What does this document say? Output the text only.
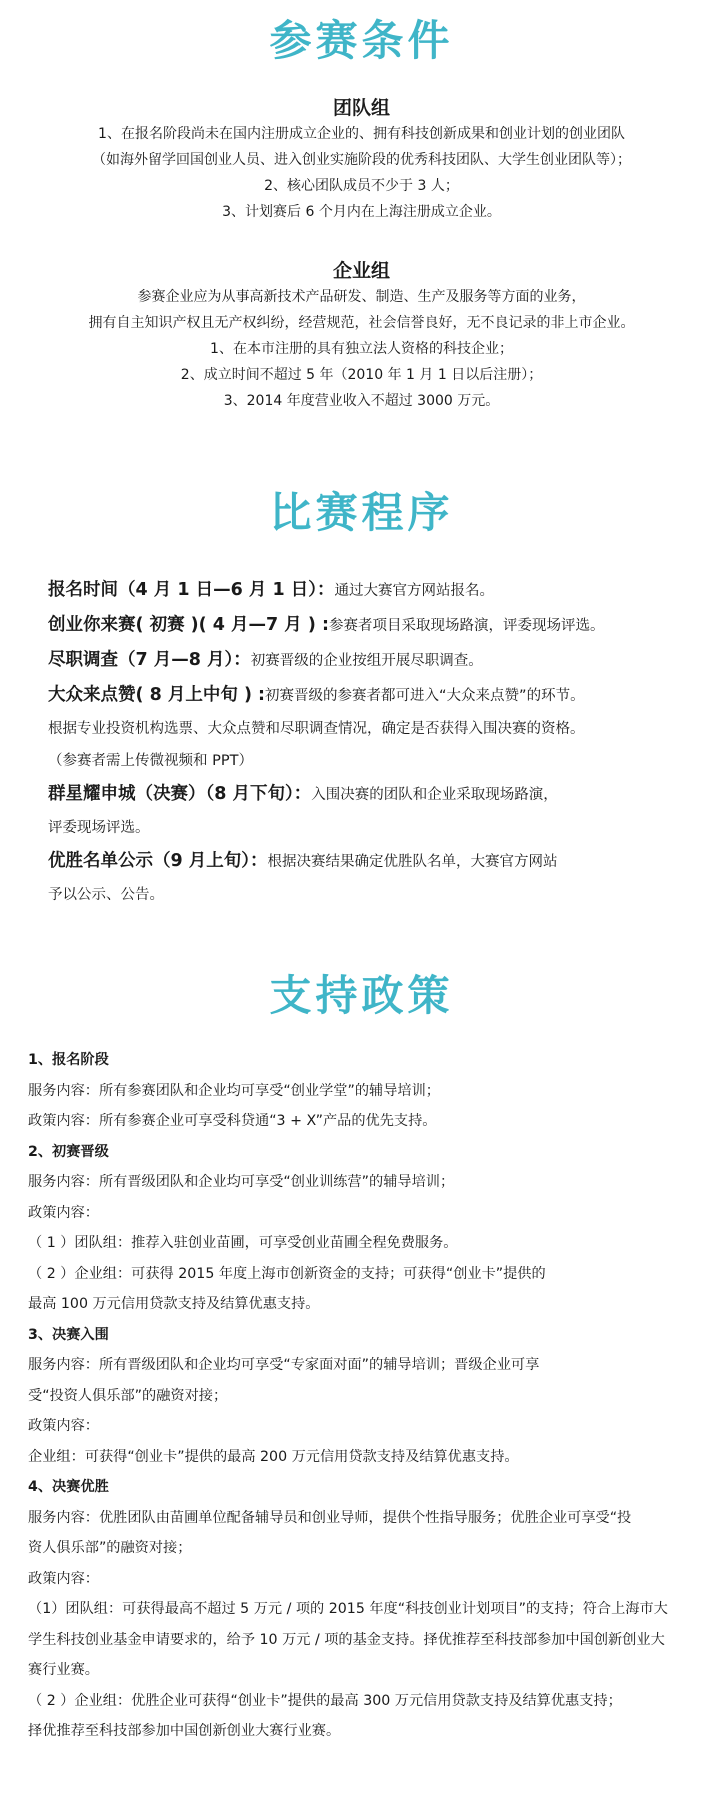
参赛条件

团队组

1、在报名阶段尚未在国内注册成立企业的、拥有科技创新成果和创业计划的创业团队

（如海外留学回国创业人员、进入创业实施阶段的优秀科技团队、大学生创业团队等）；

2、核心团队成员不少于 3 人；

3、计划赛后 6 个月内在上海注册成立企业。

企业组

参赛企业应为从事高新技术产品研发、制造、生产及服务等方面的业务，

拥有自主知识产权且无产权纠纷，经营规范，社会信誉良好，无不良记录的非上市企业。

1、在本市注册的具有独立法人资格的科技企业；

2、成立时间不超过 5 年（2010 年 1 月 1 日以后注册）；

3、2014 年度营业收入不超过 3000 万元。

比赛程序

报名时间（4 月 1 日—6 月 1 日）：通过大赛官方网站报名。

创业你来赛( 初赛 )( 4 月—7 月 ) :参赛者项目采取现场路演，评委现场评选。

尽职调查（7 月—8 月）：初赛晋级的企业按组开展尽职调查。

大众来点赞( 8 月上中旬 ) :初赛晋级的参赛者都可进入“大众来点赞”的环节。

根据专业投资机构选票、大众点赞和尽职调查情况，确定是否获得入围决赛的资格。

（参赛者需上传微视频和 PPT）

群星耀申城（决赛）（8 月下旬）：入围决赛的团队和企业采取现场路演，

评委现场评选。

优胜名单公示（9 月上旬）：根据决赛结果确定优胜队名单，大赛官方网站

予以公示、公告。

支持政策

1、报名阶段

服务内容：所有参赛团队和企业均可享受“创业学堂”的辅导培训；

政策内容：所有参赛企业可享受科贷通“3 + X”产品的优先支持。

2、初赛晋级

服务内容：所有晋级团队和企业均可享受“创业训练营”的辅导培训；

政策内容：

（ 1 ）团队组：推荐入驻创业苗圃，可享受创业苗圃全程免费服务。

（ 2 ）企业组：可获得 2015 年度上海市创新资金的支持；可获得“创业卡”提供的

最高 100 万元信用贷款支持及结算优惠支持。

3、决赛入围

服务内容：所有晋级团队和企业均可享受“专家面对面”的辅导培训；晋级企业可享

受“投资人俱乐部”的融资对接；

政策内容：

企业组：可获得“创业卡”提供的最高 200 万元信用贷款支持及结算优惠支持。

4、决赛优胜

服务内容：优胜团队由苗圃单位配备辅导员和创业导师，提供个性指导服务；优胜企业可享受“投

资人俱乐部”的融资对接；

政策内容：

（1）团队组：可获得最高不超过 5 万元 / 项的 2015 年度“科技创业计划项目”的支持；符合上海市大

学生科技创业基金申请要求的，给予 10 万元 / 项的基金支持。择优推荐至科技部参加中国创新创业大

赛行业赛。

（ 2 ）企业组：优胜企业可获得“创业卡”提供的最高 300 万元信用贷款支持及结算优惠支持；

择优推荐至科技部参加中国创新创业大赛行业赛。
